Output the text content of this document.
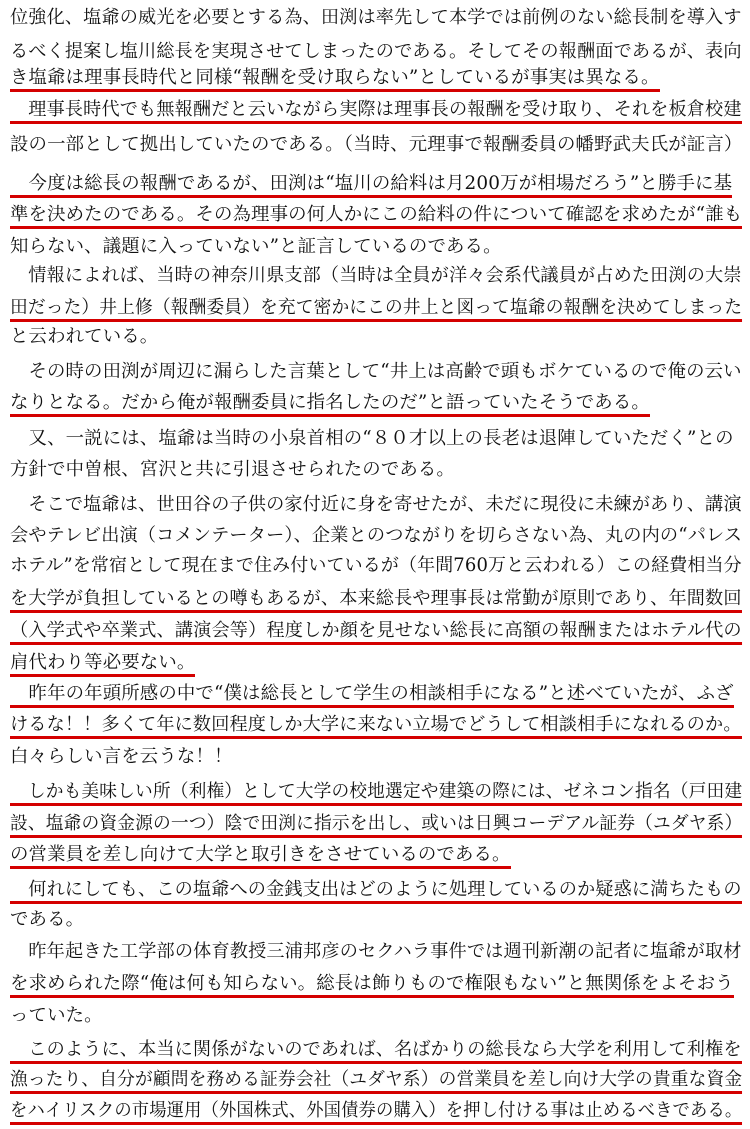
位強化、塩爺の威光を必要とする為、田渕は率先して本学では前例のない総長制を導入す
るべく提案し塩川総長を実現させてしまったのである。そしてその報酬面であるが、表向
き塩爺は理事長時代と同様“報酬を受け取らない”としているが事実は異なる。
　理事長時代でも無報酬だと云いながら実際は理事長の報酬を受け取り、それを板倉校建
設の一部として拠出していたのである。（当時、元理事で報酬委員の幡野武夫氏が証言）
　今度は総長の報酬であるが、田渕は“塩川の給料は月200万が相場だろう”と勝手に基
準を決めたのである。その為理事の何人かにこの給料の件について確認を求めたが“誰も
知らない、議題に入っていない”と証言しているのである。
　情報によれば、当時の神奈川県支部（当時は全員が洋々会系代議員が占めた田渕の大崇
田だった）井上修（報酬委員）を充て密かにこの井上と図って塩爺の報酬を決めてしまった
と云われている。
　その時の田渕が周辺に漏らした言葉として“井上は高齢で頭もボケているので俺の云い
なりとなる。だから俺が報酬委員に指名したのだ”と語っていたそうである。
　又、一説には、塩爺は当時の小泉首相の“８０才以上の長老は退陣していただく”との
方針で中曽根、宮沢と共に引退させられたのである。
　そこで塩爺は、世田谷の子供の家付近に身を寄せたが、未だに現役に未練があり、講演
会やテレビ出演（コメンテーター）、企業とのつながりを切らさない為、丸の内の“パレス
ホテル”を常宿として現在まで住み付いているが（年間760万と云われる）この経費相当分
を大学が負担しているとの噂もあるが、本来総長や理事長は常勤が原則であり、年間数回
（入学式や卒業式、講演会等）程度しか顔を見せない総長に高額の報酬またはホテル代の
肩代わり等必要ない。
　昨年の年頭所感の中で“僕は総長として学生の相談相手になる”と述べていたが、ふざ
けるな！！多くて年に数回程度しか大学に来ない立場でどうして相談相手になれるのか。
白々らしい言を云うな！！
　しかも美味しい所（利権）として大学の校地選定や建築の際には、ゼネコン指名（戸田建
設、塩爺の資金源の一つ）陰で田渕に指示を出し、或いは日興コーデアル証券（ユダヤ系）
の営業員を差し向けて大学と取引きをさせているのである。
　何れにしても、この塩爺への金銭支出はどのように処理しているのか疑惑に満ちたもの
である。
　昨年起きた工学部の体育教授三浦邦彦のセクハラ事件では週刊新潮の記者に塩爺が取材
を求められた際“俺は何も知らない。総長は飾りもので権限もない”と無関係をよそおう
っていた。
　このように、本当に関係がないのであれば、名ばかりの総長なら大学を利用して利権を
漁ったり、自分が顧問を務める証券会社（ユダヤ系）の営業員を差し向け大学の貴重な資金
をハイリスクの市場運用（外国株式、外国債券の購入）を押し付ける事は止めるべきである。
